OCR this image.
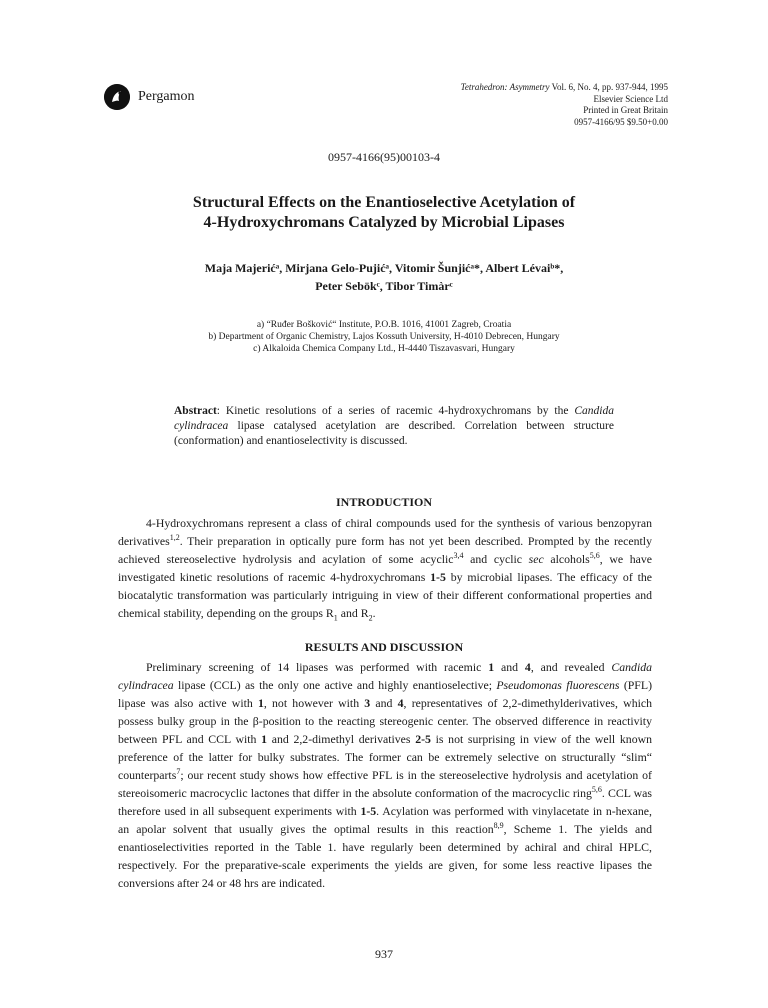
Pergamon
Tetrahedron: Asymmetry Vol. 6, No. 4, pp. 937-944, 1995
Elsevier Science Ltd
Printed in Great Britain
0957-4166/95 $9.50+0.00
0957-4166(95)00103-4
Structural Effects on the Enantioselective Acetylation of
4-Hydroxychromans Catalyzed by Microbial Lipases
Maja Majerićᵃ, Mirjana Gelo-Pujićᵃ, Vitomir Šunjićᵃ*, Albert Lévaiᵇ*,
Peter Sebökᶜ, Tibor Timàrᶜ
a) “Ruđer Bošković“ Institute, P.O.B. 1016, 41001 Zagreb, Croatia
b) Department of Organic Chemistry, Lajos Kossuth University, H-4010 Debrecen, Hungary
c) Alkaloida Chemica Company Ltd., H-4440 Tiszavasvari, Hungary
Abstract: Kinetic resolutions of a series of racemic 4-hydroxychromans by the Candida cylindracea lipase catalysed acetylation are described. Correlation between structure (conformation) and enantioselectivity is discussed.
INTRODUCTION

4-Hydroxychromans represent a class of chiral compounds used for the synthesis of various benzopyran derivatives$^{1,2}$. Their preparation in optically pure form has not yet been described. Prompted by the recently achieved stereoselective hydrolysis and acylation of some acyclic$^{3,4}$ and cyclic sec alcohols$^{5,6}$, we have investigated kinetic resolutions of racemic 4-hydroxychromans 1-5 by microbial lipases. The efficacy of the biocatalytic transformation was particularly intriguing in view of their different conformational properties and chemical stability, depending on the groups $R_1$ and $R_2$.

RESULTS AND DISCUSSION

Preliminary screening of 14 lipases was performed with racemic 1 and 4, and revealed Candida cylindracea lipase (CCL) as the only one active and highly enantioselective; Pseudomonas fluorescens (PFL) lipase was also active with 1, not however with 3 and 4, representatives of 2,2-dimethylderivatives, which possess bulky group in the β-position to the reacting stereogenic center. The observed difference in reactivity between PFL and CCL with 1 and 2,2-dimethyl derivatives 2-5 is not surprising in view of the well known preference of the latter for bulky substrates. The former can be extremely selective on structurally “slim“ counterparts$^7$; our recent study shows how effective PFL is in the stereoselective hydrolysis and acetylation of stereoisomeric macrocyclic lactones that differ in the absolute conformation of the macrocyclic ring$^{5,6}$. CCL was therefore used in all subsequent experiments with 1-5. Acylation was performed with vinylacetate in n-hexane, an apolar solvent that usually gives the optimal results in this reaction$^{8,9}$, Scheme 1. The yields and enantioselectivities reported in the Table 1. have regularly been determined by achiral and chiral HPLC, respectively. For the preparative-scale experiments the yields are given, for some less reactive lipases the conversions after 24 or 48 hrs are indicated.

937
